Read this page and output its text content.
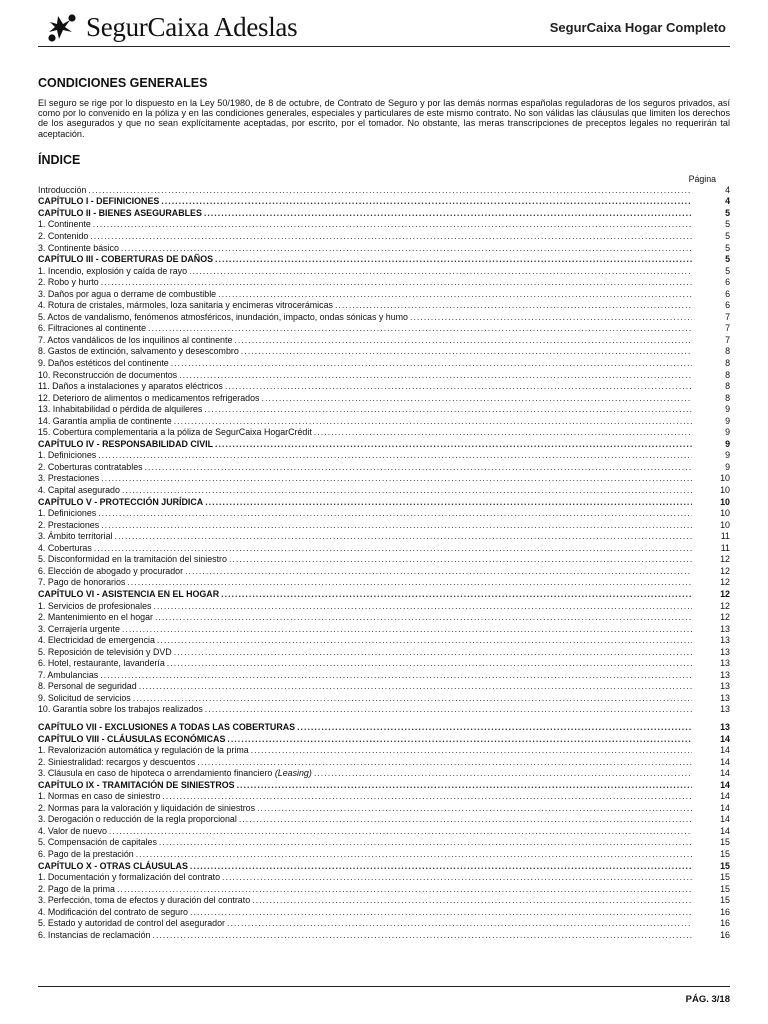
SegurCaixa Adeslas	SegurCaixa Hogar Completo
CONDICIONES GENERALES

El seguro se rige por lo dispuesto en la Ley 50/1980, de 8 de octubre, de Contrato de Seguro y por las demás normas españolas reguladoras de los seguros privados, así como por lo convenido en la póliza y en las condiciones generales, especiales y particulares de este mismo contrato. No son válidas las cláusulas que limiten los derechos de los asegurados y que no sean explícitamente aceptadas, por escrito, por el tomador. No obstante, las meras transcripciones de preceptos legales no requerirán tal aceptación.

ÍNDICE
Página
Introducción .....	4
CAPÍTULO I - DEFINICIONES .....	4
CAPÍTULO II - BIENES ASEGURABLES .....	5
1. Continente .....	5
2. Contenido .....	5
3. Continente básico .....	5
CAPÍTULO III - COBERTURAS DE DAÑOS .....	5
1. Incendio, explosión y caída de rayo .....	5
2. Robo y hurto .....	6
3. Daños por agua o derrame de combustible .....	6
4. Rotura de cristales, mármoles, loza sanitaria y encimeras vitrocerámicas .....	6
5. Actos de vandalismo, fenómenos atmosféricos, inundación, impacto, ondas sónicas y humo .....	7
6. Filtraciones al continente .....	7
7. Actos vandálicos de los inquilinos al continente .....	7
8. Gastos de extinción, salvamento y desescombro .....	8
9. Daños estéticos del continente .....	8
10. Reconstrucción de documentos .....	8
11. Daños a instalaciones y aparatos eléctricos .....	8
12. Deterioro de alimentos o medicamentos refrigerados .....	8
13. Inhabitabilidad o pérdida de alquileres .....	9
14. Garantía amplia de continente .....	9
15. Cobertura complementaria a la póliza de SegurCaixa HogarCrédit .....	9
CAPÍTULO IV - RESPONSABILIDAD CIVIL .....	9
1. Definiciones .....	9
2. Coberturas contratables .....	9
3. Prestaciones .....	10
4. Capital asegurado .....	10
CAPÍTULO V - PROTECCIÓN JURÍDICA .....	10
1. Definiciones .....	10
2. Prestaciones .....	10
3. Ámbito territorial .....	11
4. Coberturas .....	11
5. Disconformidad en la tramitación del siniestro .....	12
6. Elección de abogado y procurador .....	12
7. Pago de honorarios .....	12
CAPÍTULO VI - ASISTENCIA EN EL HOGAR .....	12
1. Servicios de profesionales .....	12
2. Mantenimiento en el hogar .....	12
3. Cerrajería urgente .....	13
4. Electricidad de emergencia .....	13
5. Reposición de televisión y DVD .....	13
6. Hotel, restaurante, lavandería .....	13
7. Ambulancias .....	13
8. Personal de seguridad .....	13
9. Solicitud de servicios .....	13
10. Garantía sobre los trabajos realizados .....	13
CAPÍTULO VII - EXCLUSIONES A TODAS LAS COBERTURAS .....	13
CAPÍTULO VIII - CLÁUSULAS ECONÓMICAS .....	14
1. Revalorización automática y regulación de la prima .....	14
2. Siniestralidad: recargos y descuentos .....	14
3. Cláusula en caso de hipoteca o arrendamiento financiero (Leasing) .....	14
CAPÍTULO IX - TRAMITACIÓN DE SINIESTROS .....	14
1. Normas en caso de siniestro .....	14
2. Normas para la valoración y liquidación de siniestros .....	14
3. Derogación o reducción de la regla proporcional .....	14
4. Valor de nuevo .....	14
5. Compensación de capitales .....	15
6. Pago de la prestación .....	15
CAPÍTULO X - OTRAS CLÁUSULAS .....	15
1. Documentación y formalización del contrato .....	15
2. Pago de la prima .....	15
3. Perfección, toma de efectos y duración del contrato .....	15
4. Modificación del contrato de seguro .....	16
5. Estado y autoridad de control del asegurador .....	16
6. Instancias de reclamación .....	16
PÁG. 3/18
